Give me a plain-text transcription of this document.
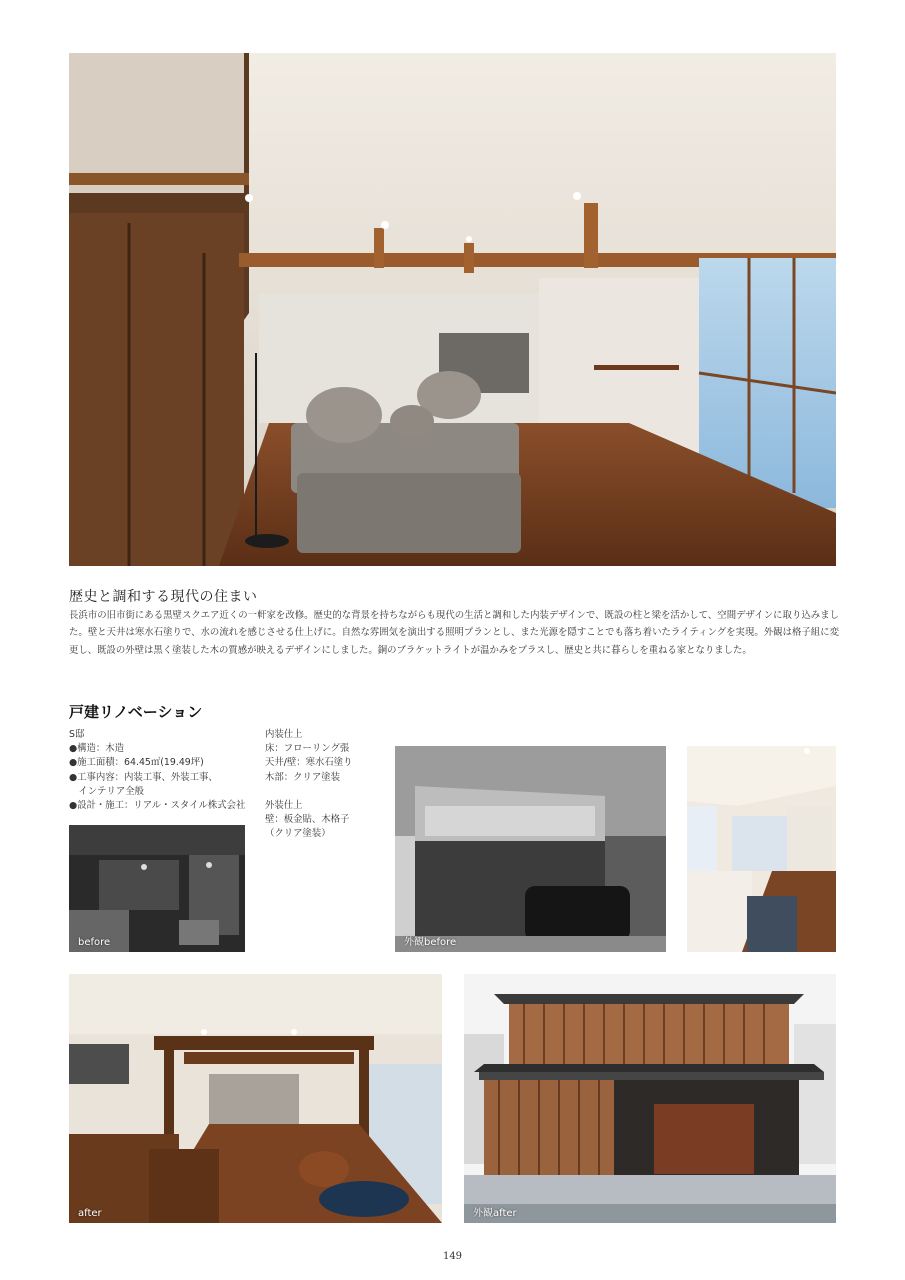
歴史と調和する現代の住まい
長浜市の旧市街にある黒壁スクエア近くの一軒家を改修。歴史的な背景を持ちながらも現代の生活と調和した内装デザインで、既設の柱と梁を活かして、空間デザインに取り込みました。壁と天井は寒水石塗りで、水の流れを感じさせる仕上げに。自然な雰囲気を演出する照明プランとし、また光源を隠すことでも落ち着いたライティングを実現。外観は格子組に変更し、既設の外壁は黒く塗装した木の質感が映えるデザインにしました。銅のブラケットライトが温かみをプラスし、歴史と共に暮らしを重ねる家となりました。
戸建リノベーション
S邸
●構造：木造
●施工面積：64.45㎡(19.49坪)
●工事内容：内装工事、外装工事、
　インテリア全般
●設計・施工：リアル・スタイル株式会社
内装仕上
床：フローリング張
天井/壁：寒水石塗り
木部：クリア塗装
外装仕上
壁：板金貼、木格子
（クリア塗装）
before	外観before
after	外観after
149
